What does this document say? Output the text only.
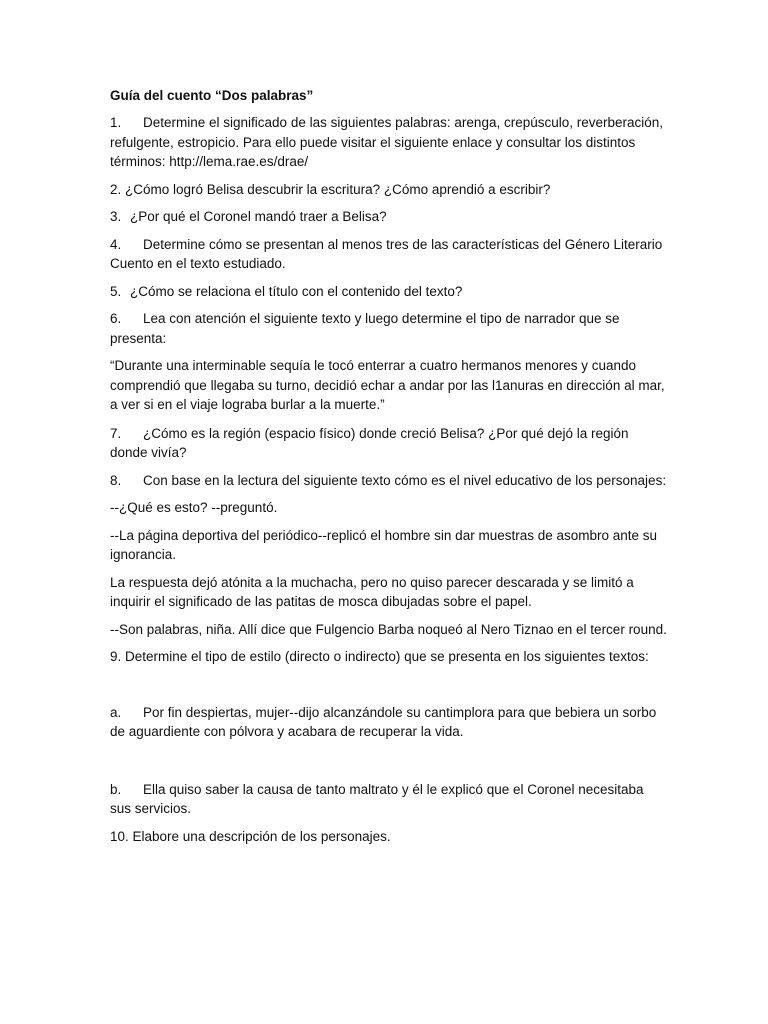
Guía del cuento “Dos palabras”

1. Determine el significado de las siguientes palabras: arenga, crepúsculo, reverberación, refulgente, estropicio. Para ello puede visitar el siguiente enlace y consultar los distintos términos: http://lema.rae.es/drae/

2. ¿Cómo logró Belisa descubrir la escritura? ¿Cómo aprendió a escribir?

3. ¿Por qué el Coronel mandó traer a Belisa?

4. Determine cómo se presentan al menos tres de las características del Género Literario Cuento en el texto estudiado.

5. ¿Cómo se relaciona el título con el contenido del texto?

6. Lea con atención el siguiente texto y luego determine el tipo de narrador que se presenta:

“Durante una interminable sequía le tocó enterrar a cuatro hermanos menores y cuando comprendió que llegaba su turno, decidió echar a andar por las l1anuras en dirección al mar, a ver si en el viaje lograba burlar a la muerte.”

7. ¿Cómo es la región (espacio físico) donde creció Belisa? ¿Por qué dejó la región donde vivía?

8. Con base en la lectura del siguiente texto cómo es el nivel educativo de los personajes:

--¿Qué es esto? --preguntó.

--La página deportiva del periódico--replicó el hombre sin dar muestras de asombro ante su ignorancia.

La respuesta dejó atónita a la muchacha, pero no quiso parecer descarada y se limitó a inquirir el significado de las patitas de mosca dibujadas sobre el papel.

--Son palabras, niña. Allí dice que Fulgencio Barba noqueó al Nero Tiznao en el tercer round.

9. Determine el tipo de estilo (directo o indirecto) que se presenta en los siguientes textos:

a. Por fin despiertas, mujer--dijo alcanzándole su cantimplora para que bebiera un sorbo de aguardiente con pólvora y acabara de recuperar la vida.

b. Ella quiso saber la causa de tanto maltrato y él le explicó que el Coronel necesitaba sus servicios.

10. Elabore una descripción de los personajes.
